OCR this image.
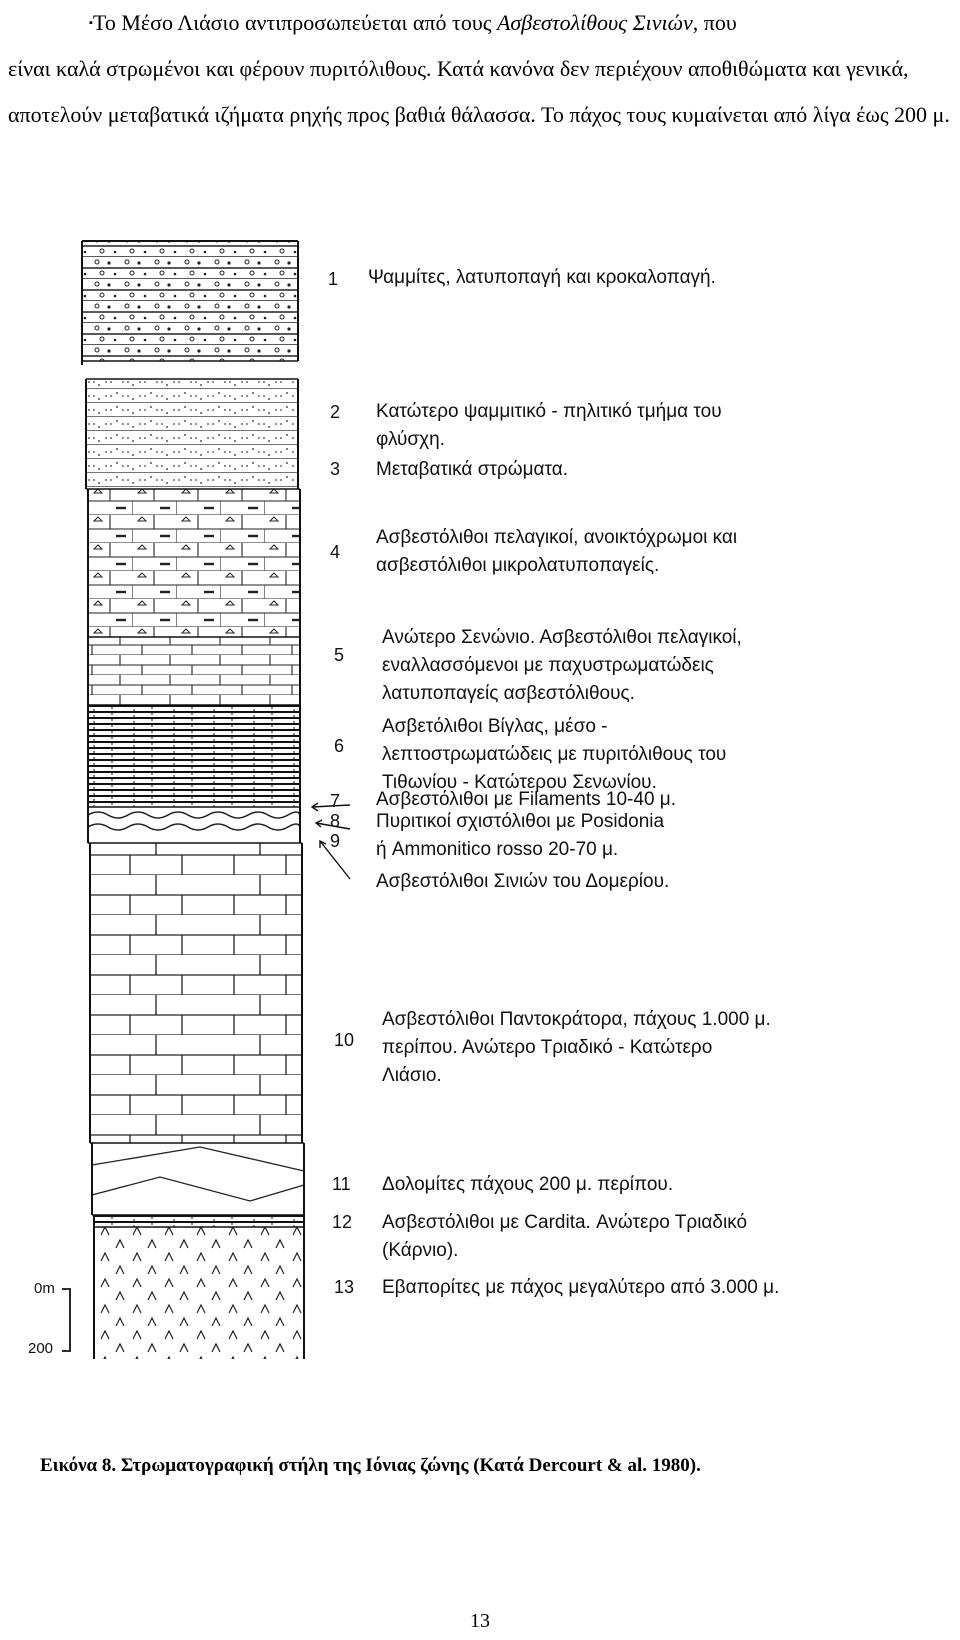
▪Το Μέσο Λιάσιο αντιπροσωπεύεται από τους Ασβεστολίθους Σινιών, που
είναι καλά στρωμένοι και φέρουν πυριτόλιθους. Κατά κανόνα δεν περιέχουν αποθιθώματα και γενικά, αποτελούν μεταβατικά ιζήματα ρηχής προς βαθιά θάλασσα. Το πάχος τους κυμαίνεται από λίγα έως 200 μ.

0m
200
1 Ψαμμίτες, λατυποπαγή και κροκαλοπαγή.
2 Κατώτερο ψαμμιτικό - πηλιτικό τμήμα του
φλύσχη.
3 Μεταβατικά στρώματα.
4
Ασβεστόλιθοι πελαγικοί, ανοικτόχρωμοι και
ασβεστόλιθοι μικρολατυποπαγείς.
5
Ανώτερο Σενώνιο. Ασβεστόλιθοι πελαγικοί,
εναλλασσόμενοι με παχυστρωματώδεις
λατυποπαγείς ασβεστόλιθους.
6
Ασβετόλιθοι Βίγλας, μέσο -
λεπτοστρωματώδεις με πυριτόλιθους του
Τιθωνίου - Κατώτερου Σενωνίου.
7 Ασβεστόλιθοι με Filaments 10-40 μ.
8 Πυριτικοί σχιστόλιθοι με Posidonia
ή Ammonitico rosso 20-70 μ.
9
Ασβεστόλιθοι Σινιών του Δομερίου.
10
Ασβεστόλιθοι Παντοκράτορα, πάχους 1.000 μ.
περίπου. Ανώτερο Τριαδικό - Κατώτερο
Λιάσιο.
11 Δολομίτες πάχους 200 μ. περίπου.
12 Ασβεστόλιθοι με Cardita. Ανώτερο Τριαδικό
(Κάρνιο).
13 Εβαπορίτες με πάχος μεγαλύτερο από 3.000 μ.

Εικόνα 8. Στρωματογραφική στήλη της Ιόνιας ζώνης (Κατά Dercourt & al. 1980).

13
